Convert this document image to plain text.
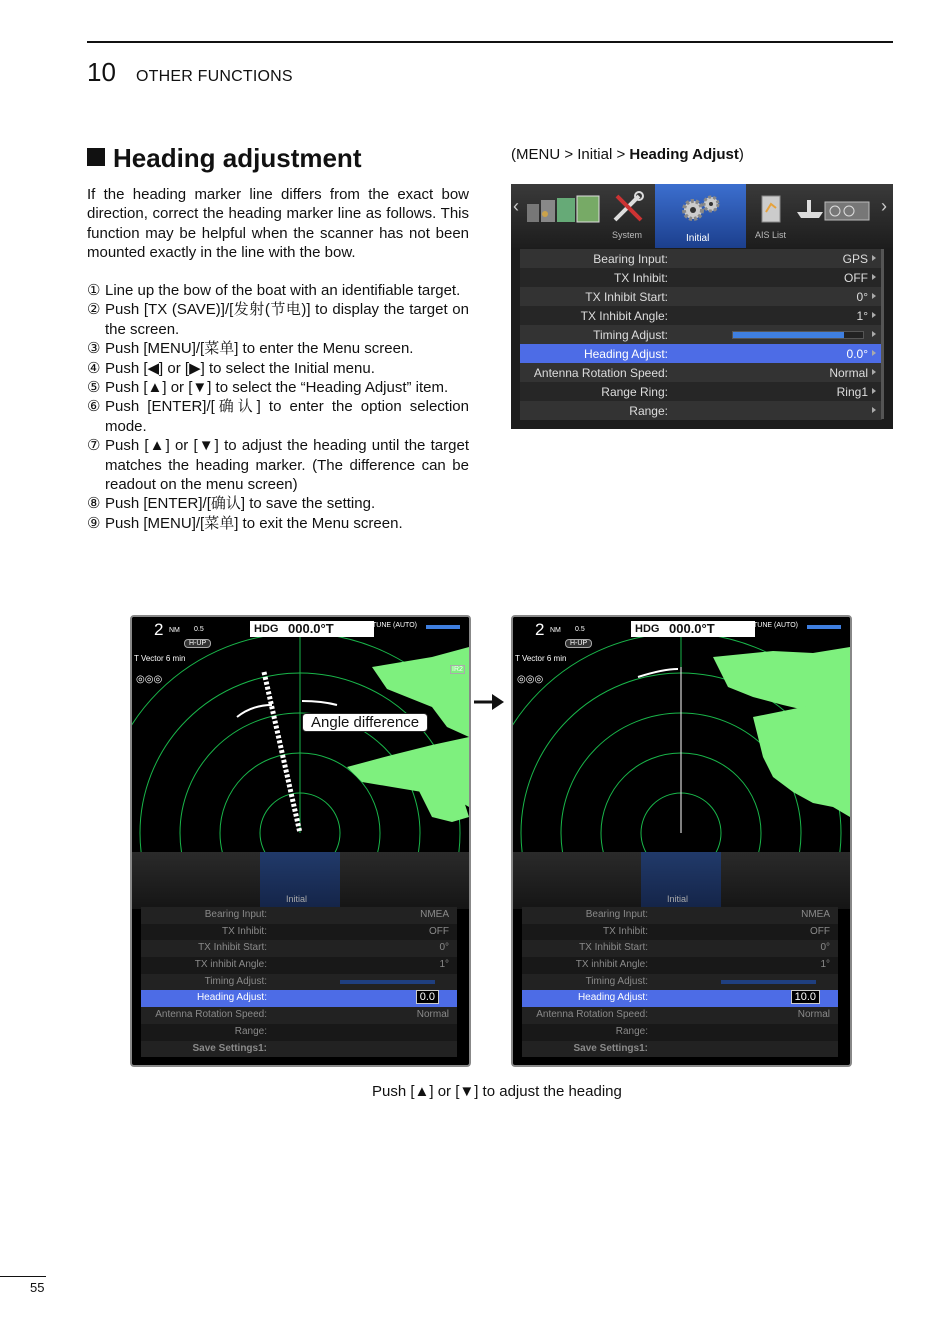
10 OTHER FUNCTIONS
Heading adjustment
If the heading marker line differs from the exact bow direction, correct the heading marker line as follows. This function may be helpful when the scanner has not been mounted exactly in the line with the bow.
① Line up the bow of the boat with an identifiable target.
② Push [TX (SAVE)]/[发射(节电)] to display the target on the screen.
③ Push [MENU]/[菜单] to enter the Menu screen.
④ Push [◀] or [▶] to select the Initial menu.
⑤ Push [▲] or [▼] to select the “Heading Adjust” item.
⑥ Push [ENTER]/[确认] to enter the option selection mode.
⑦ Push [▲] or [▼] to adjust the heading until the target matches the heading marker. (The difference can be readout on the menu screen)
⑧ Push [ENTER]/[确认] to save the setting.
⑨ Push [MENU]/[菜单] to exit the Menu screen.
(MENU > Initial > Heading Adjust)
‹
System	Initial	AIS List
›
Bearing Input:	GPS
TX Inhibit:	OFF
TX Inhibit Start:	0°
TX Inhibit Angle:	1°
Timing Adjust:
Heading Adjust:	0.0°
Antenna Rotation Speed:	Normal
Range Ring:	Ring1
Range:
2 NM 0.5
H-UP
HDG 000.0°T	TUNE (AUTO)
T Vector 6 min
IR2
◎◎◎
Angle difference
Initial
Bearing Input:	NMEA
TX Inhibit:	OFF
TX Inhibit Start:	0°
TX inhibit Angle:	1°
Timing Adjust:
Heading Adjust:	0.0
Antenna Rotation Speed:	Normal
Range:
Save Settings1:
2 NM 0.5
H-UP
HDG 000.0°T	TUNE (AUTO)
T Vector 6 min
◎◎◎
Initial
Bearing Input:	NMEA
TX Inhibit:	OFF
TX Inhibit Start:	0°
TX inhibit Angle:	1°
Timing Adjust:
Heading Adjust:	10.0
Antenna Rotation Speed:	Normal
Range:
Save Settings1:
Push [▲] or [▼] to adjust the heading
55
